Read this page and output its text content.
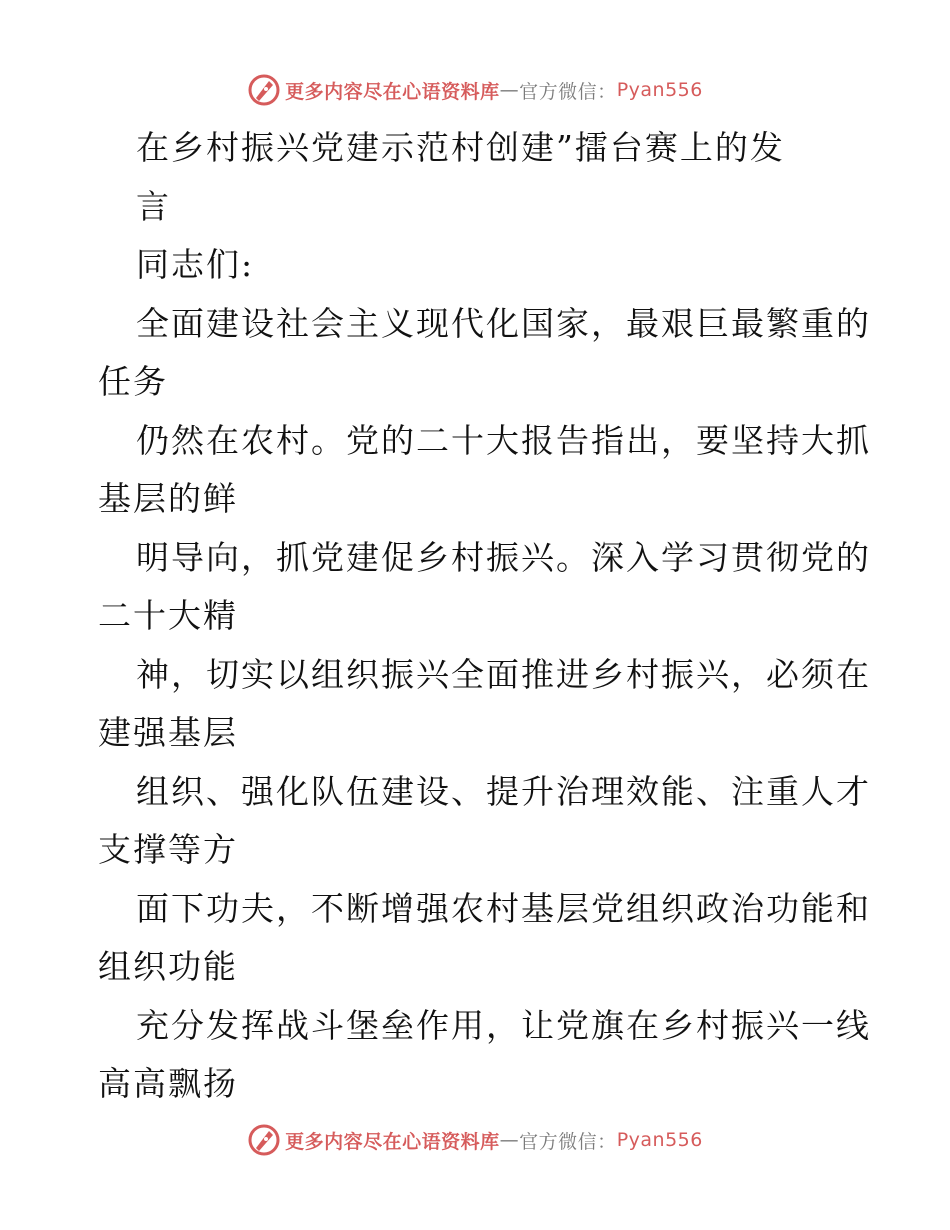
更多内容尽在心语资料库 — 官方微信： Pyan556
在乡村振兴党建示范村创建”擂台赛上的发
言
同志们:
全面建设社会主义现代化国家，最艰巨最繁重的
任务
仍然在农村。党的二十大报告指出，要坚持大抓
基层的鲜
明导向，抓党建促乡村振兴。深入学习贯彻党的
二十大精
神，切实以组织振兴全面推进乡村振兴，必须在
建强基层
组织、强化队伍建设、提升治理效能、注重人才
支撑等方
面下功夫，不断增强农村基层党组织政治功能和
组织功能
充分发挥战斗堡垒作用，让党旗在乡村振兴一线
高高飘扬
更多内容尽在心语资料库 — 官方微信： Pyan556
